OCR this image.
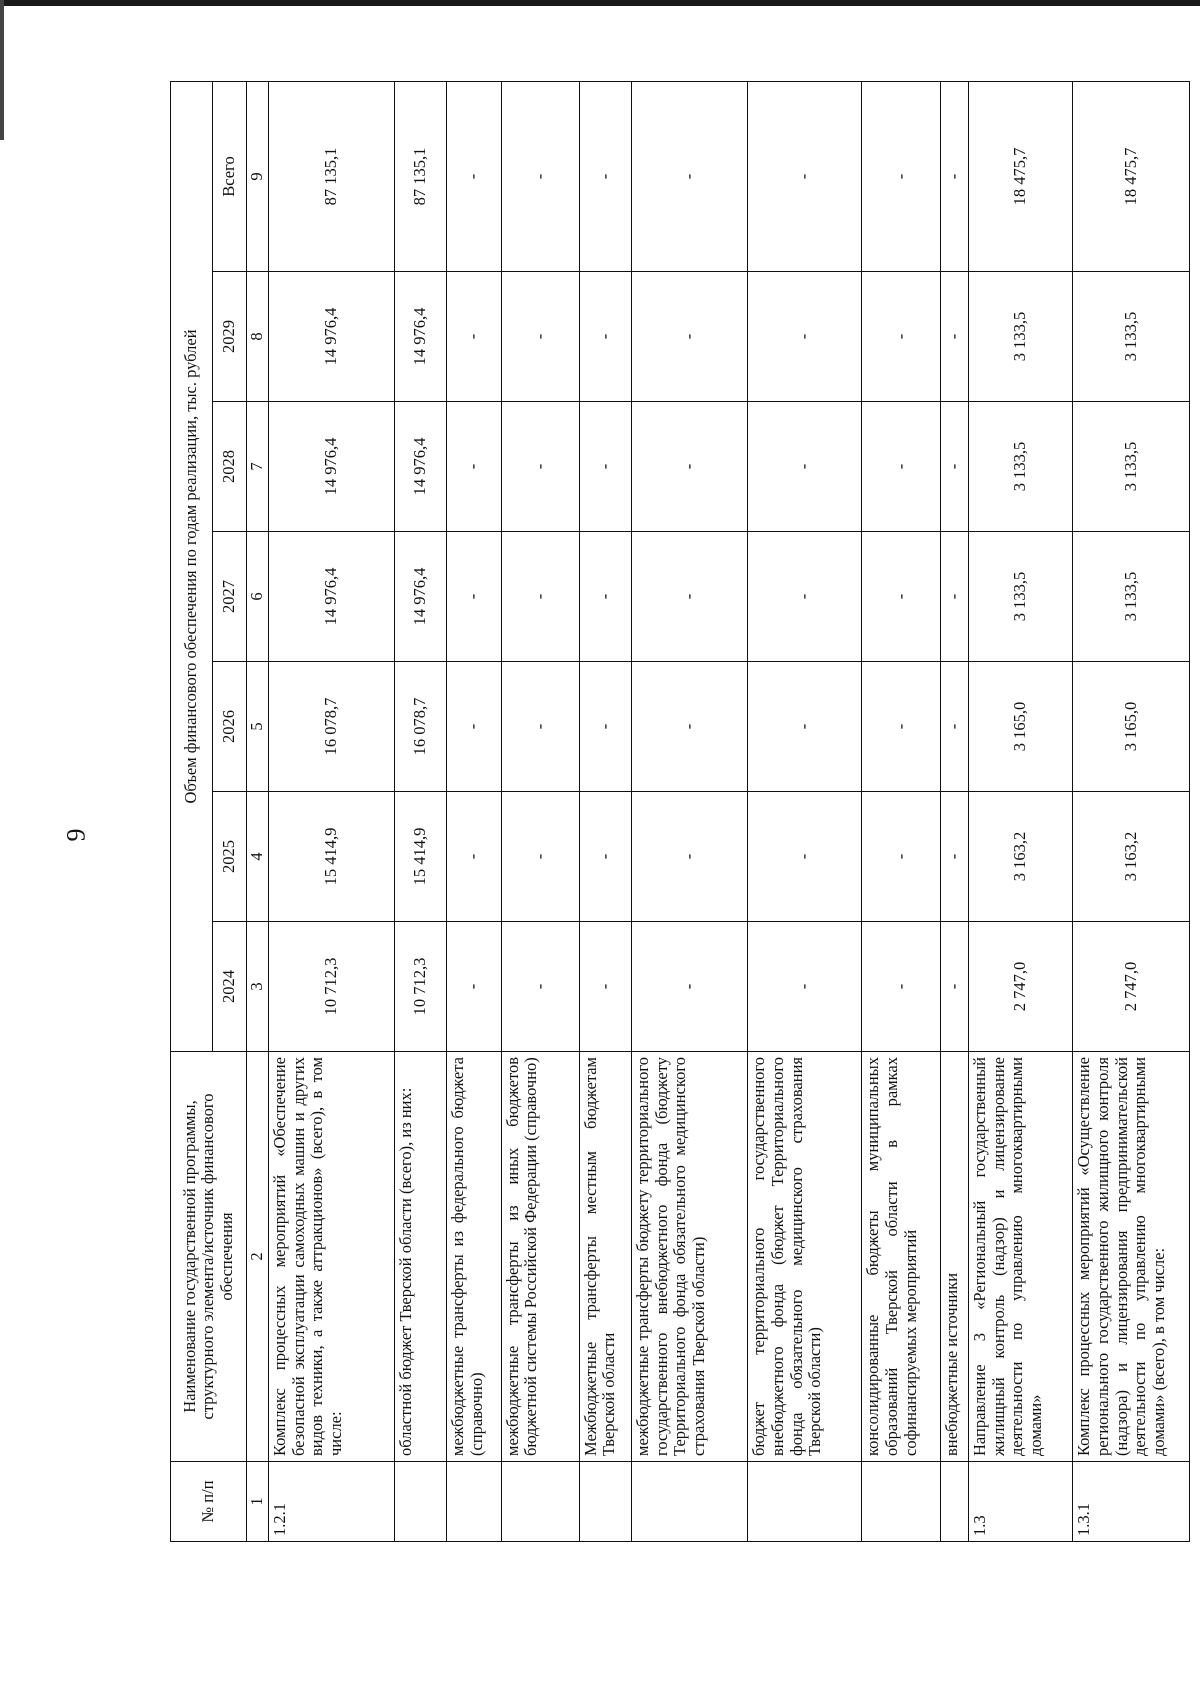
9
№ п/п	Наименование государственной программы, структурного элемента/источник финансового обеспечения	Объем финансового обеспечения по годам реализации, тыс. рублей						
		2024	2025	2026	2027	2028	2029	Всего
1	2	3	4	5	6	7	8	9
1.2.1	Комплекс процессных мероприятий «Обеспечение безопасной эксплуатации самоходных машин и других видов техники, а также аттракционов» (всего), в том числе:	10 712,3	15 414,9	16 078,7	14 976,4	14 976,4	14 976,4	87 135,1
	областной бюджет Тверской области (всего), из них:	10 712,3	15 414,9	16 078,7	14 976,4	14 976,4	14 976,4	87 135,1
	межбюджетные трансферты из федерального бюджета (справочно)	-	-	-	-	-	-	-
	межбюджетные трансферты из иных бюджетов бюджетной системы Российской Федерации (справочно)	-	-	-	-	-	-	-
	Межбюджетные трансферты местным бюджетам Тверской области	-	-	-	-	-	-	-
	межбюджетные трансферты бюджету территориального государственного внебюджетного фонда (бюджету Территориального фонда обязательного медицинского страхования Тверской области)	-	-	-	-	-	-	-
	бюджет территориального государственного внебюджетного фонда (бюджет Территориального фонда обязательного медицинского страхования Тверской области)	-	-	-	-	-	-	-
	консолидированные бюджеты муниципальных образований Тверской области в рамках софинансируемых мероприятий	-	-	-	-	-	-	-
	внебюджетные источники	-	-	-	-	-	-	-
1.3	Направление 3 «Региональный государственный жилищный контроль (надзор) и лицензирование деятельности по управлению многоквартирными домами»	2 747,0	3 163,2	3 165,0	3 133,5	3 133,5	3 133,5	18 475,7
1.3.1	Комплекс процессных мероприятий «Осуществление регионального государственного жилищного контроля (надзора) и лицензирования предпринимательской деятельности по управлению многоквартирными домами» (всего), в том числе:	2 747,0	3 163,2	3 165,0	3 133,5	3 133,5	3 133,5	18 475,7
